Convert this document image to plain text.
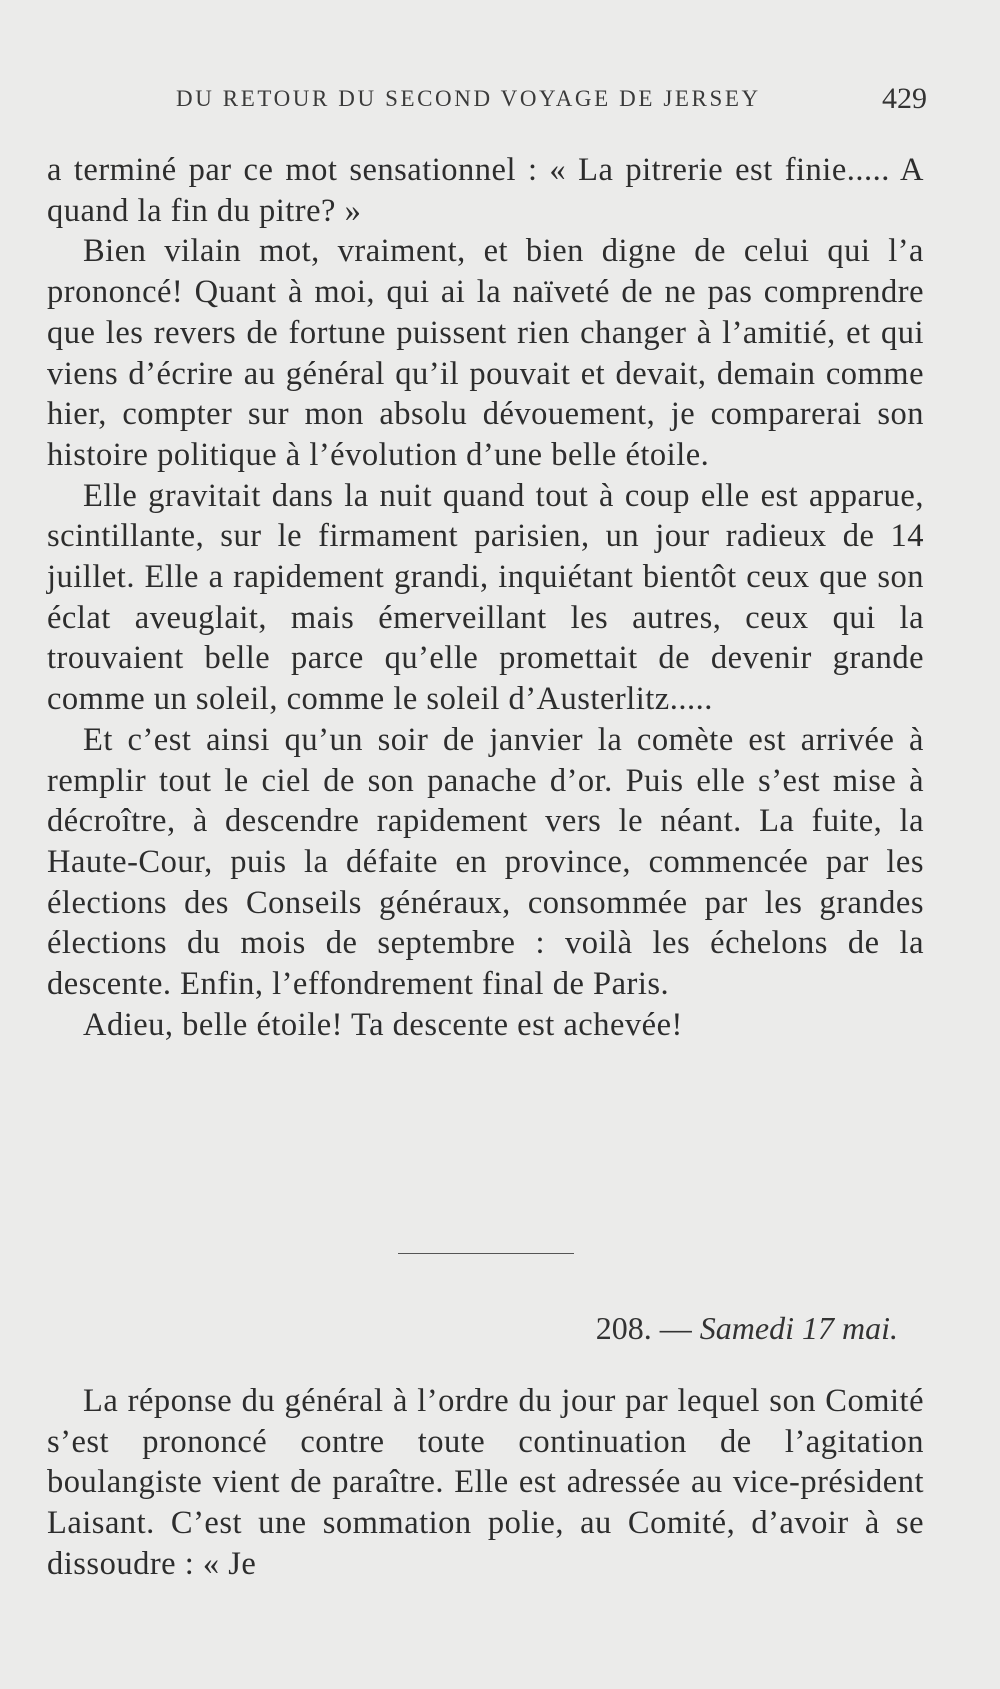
DU RETOUR DU SECOND VOYAGE DE JERSEY	429

a terminé par ce mot sensationnel : « La pitrerie est finie..... A quand la fin du pitre? »

Bien vilain mot, vraiment, et bien digne de celui qui l’a prononcé! Quant à moi, qui ai la naïveté de ne pas comprendre que les revers de fortune puissent rien changer à l’amitié, et qui viens d’écrire au général qu’il pouvait et devait, demain comme hier, compter sur mon absolu dévouement, je comparerai son histoire politique à l’évolution d’une belle étoile.

Elle gravitait dans la nuit quand tout à coup elle est apparue, scintillante, sur le firmament parisien, un jour radieux de 14 juillet. Elle a rapidement grandi, inquiétant bientôt ceux que son éclat aveuglait, mais émerveillant les autres, ceux qui la trouvaient belle parce qu’elle promettait de devenir grande comme un soleil, comme le soleil d’Austerlitz.....

Et c’est ainsi qu’un soir de janvier la comète est arrivée à remplir tout le ciel de son panache d’or. Puis elle s’est mise à décroître, à descendre rapidement vers le néant. La fuite, la Haute-Cour, puis la défaite en province, commencée par les élections des Conseils généraux, consommée par les grandes élections du mois de septembre : voilà les échelons de la descente. Enfin, l’effondrement final de Paris.

Adieu, belle étoile! Ta descente est achevée!

208. — Samedi 17 mai.

La réponse du général à l’ordre du jour par lequel son Comité s’est prononcé contre toute continuation de l’agitation boulangiste vient de paraître. Elle est adressée au vice-président Laisant. C’est une sommation polie, au Comité, d’avoir à se dissoudre : « Je
